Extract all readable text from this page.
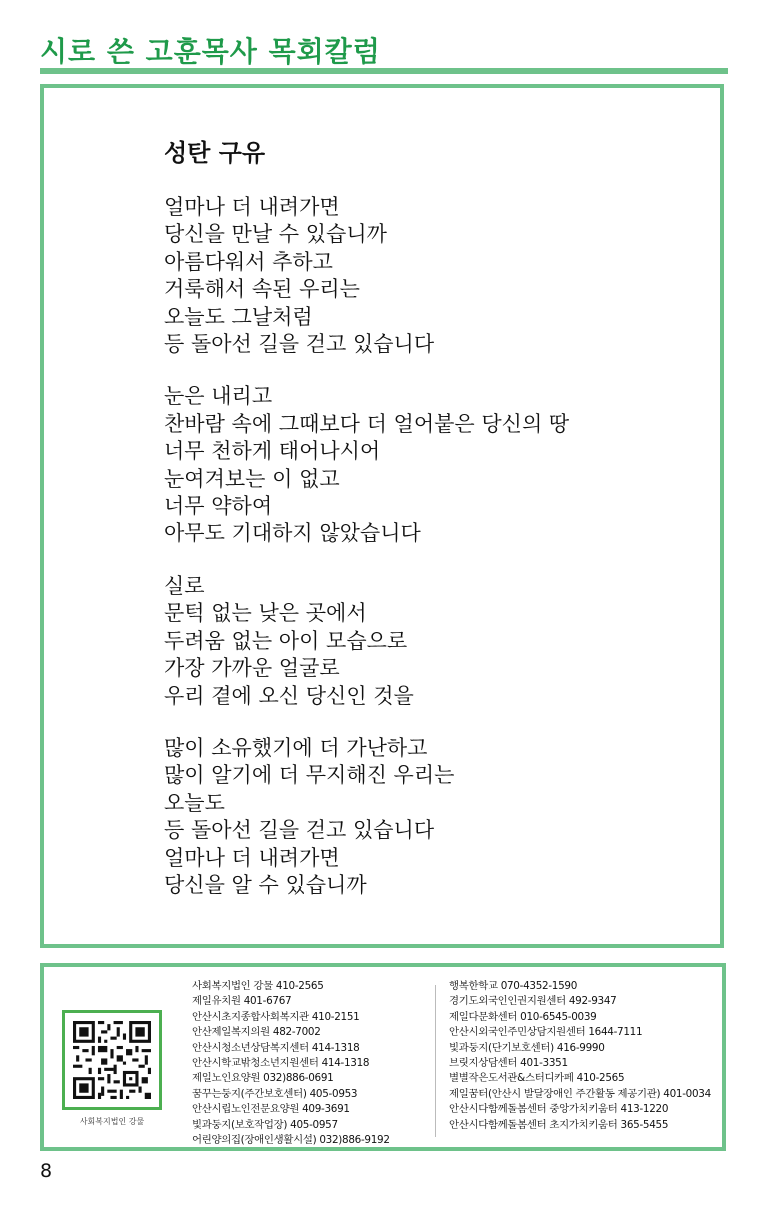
시로 쓴 고훈목사 목회칼럼
성탄 구유
얼마나 더 내려가면
당신을 만날 수 있습니까
아름다워서 추하고
거룩해서 속된 우리는
오늘도 그날처럼
등 돌아선 길을 걷고 있습니다
눈은 내리고
찬바람 속에 그때보다 더 얼어붙은 당신의 땅
너무 천하게 태어나시어
눈여겨보는 이 없고
너무 약하여
아무도 기대하지 않았습니다
실로
문턱 없는 낮은 곳에서
두려움 없는 아이 모습으로
가장 가까운 얼굴로
우리 곁에 오신 당신인 것을
많이 소유했기에 더 가난하고
많이 알기에 더 무지해진 우리는
오늘도
등 돌아선 길을 걷고 있습니다
얼마나 더 내려가면
당신을 알 수 있습니까
사회복지법인 강물
사회복지법인 강물 410-2565
제일유치원 401-6767
안산시초지종합사회복지관 410-2151
안산제일복지의원 482-7002
안산시청소년상담복지센터 414-1318
안산시학교밖청소년지원센터 414-1318
제일노인요양원 032)886-0691
꿈꾸는둥지(주간보호센터) 405-0953
안산시립노인전문요양원 409-3691
빛과둥지(보호작업장) 405-0957
어린양의집(장애인생활시설) 032)886-9192
행복한학교 070-4352-1590
경기도외국인인권지원센터 492-9347
제일다문화센터 010-6545-0039
안산시외국인주민상담지원센터 1644-7111
빛과둥지(단기보호센터) 416-9990
브릿지상담센터 401-3351
별별작은도서관&스터디카페 410-2565
제일꿈터(안산시 발달장애인 주간활동 제공기관) 401-0034
안산시다함께돌봄센터 중앙가치키움터 413-1220
안산시다함께돌봄센터 초지가치키움터 365-5455
8
